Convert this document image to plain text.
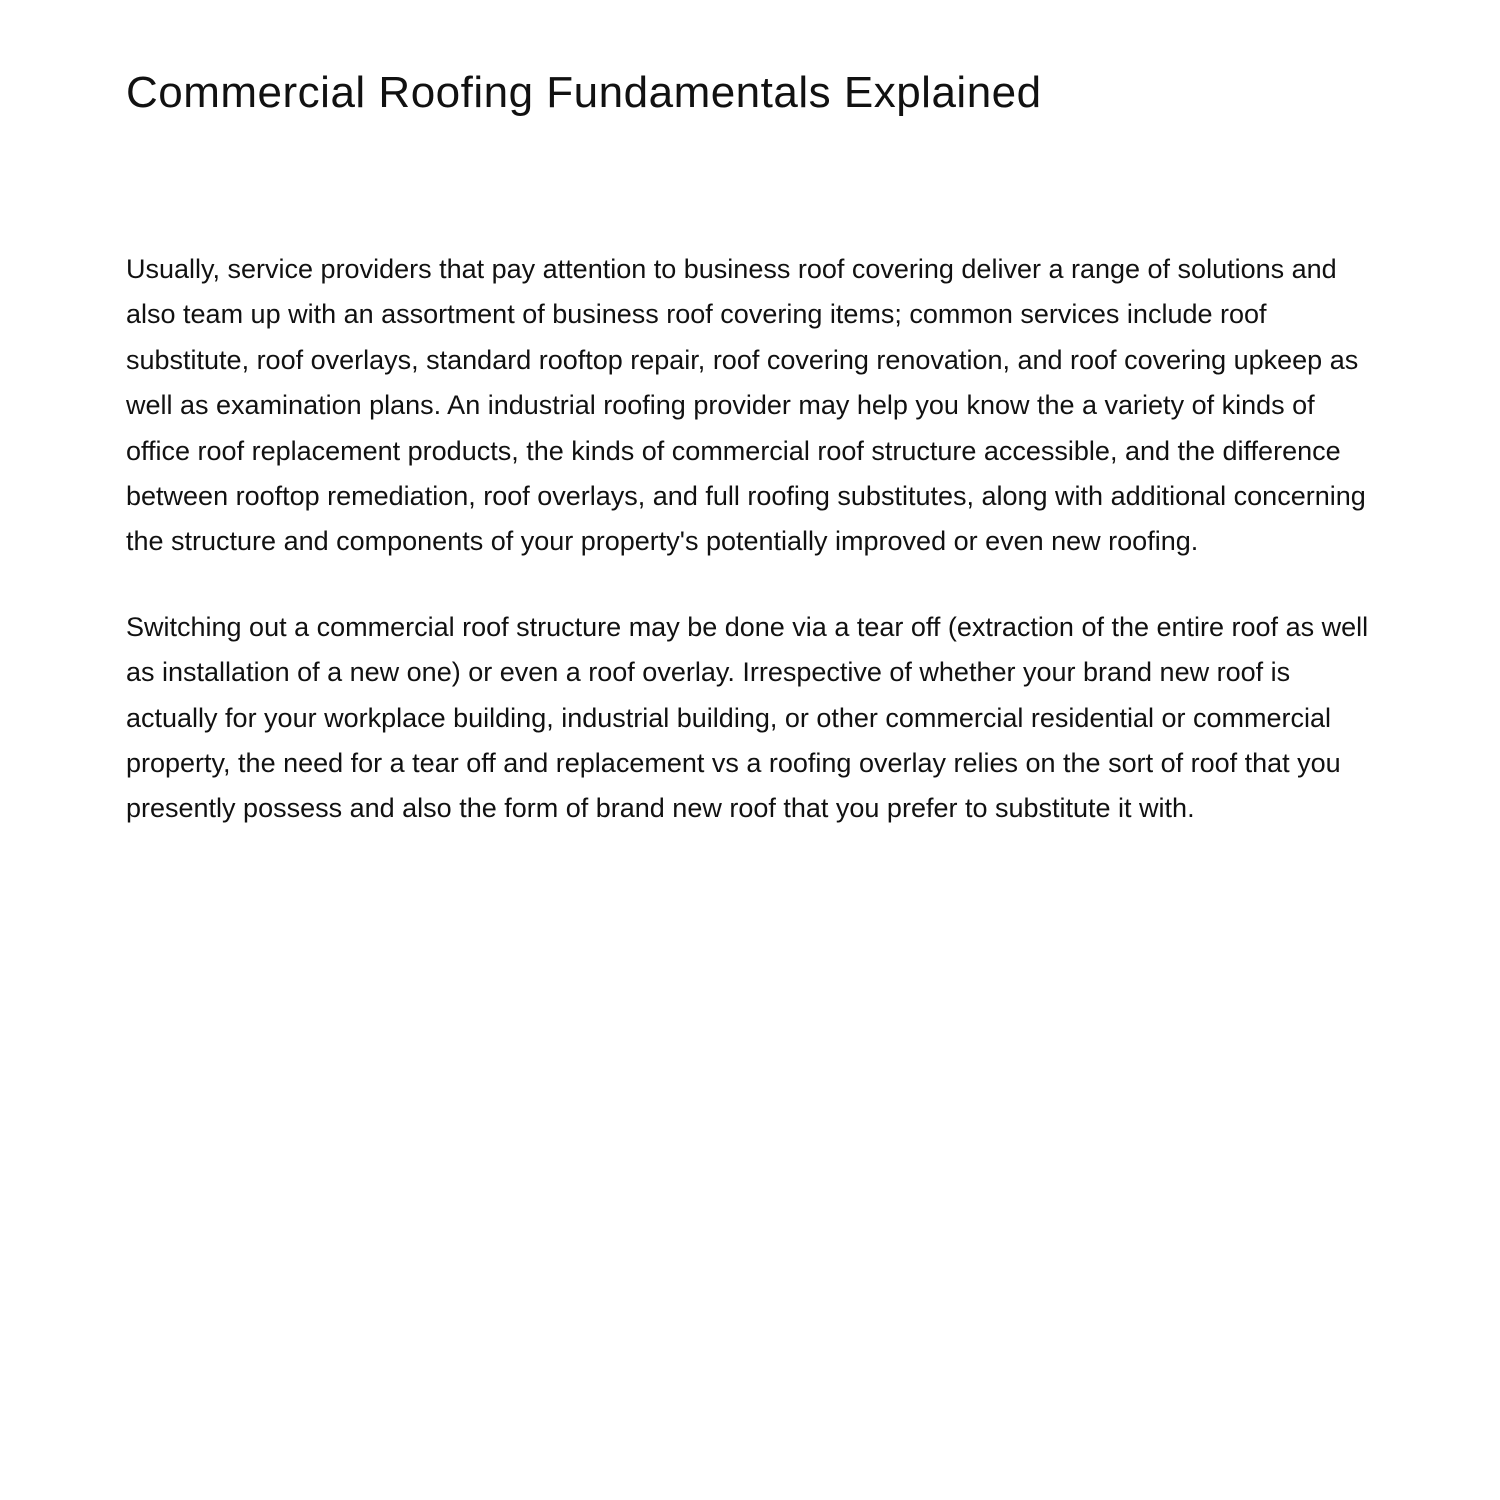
Commercial Roofing Fundamentals Explained

Usually, service providers that pay attention to business roof covering deliver a range of solutions and also team up with an assortment of business roof covering items; common services include roof substitute, roof overlays, standard rooftop repair, roof covering renovation, and roof covering upkeep as well as examination plans. An industrial roofing provider may help you know the a variety of kinds of office roof replacement products, the kinds of commercial roof structure accessible, and the difference between rooftop remediation, roof overlays, and full roofing substitutes, along with additional concerning the structure and components of your property's potentially improved or even new roofing.

Switching out a commercial roof structure may be done via a tear off (extraction of the entire roof as well as installation of a new one) or even a roof overlay. Irrespective of whether your brand new roof is actually for your workplace building, industrial building, or other commercial residential or commercial property, the need for a tear off and replacement vs a roofing overlay relies on the sort of roof that you presently possess and also the form of brand new roof that you prefer to substitute it with.
